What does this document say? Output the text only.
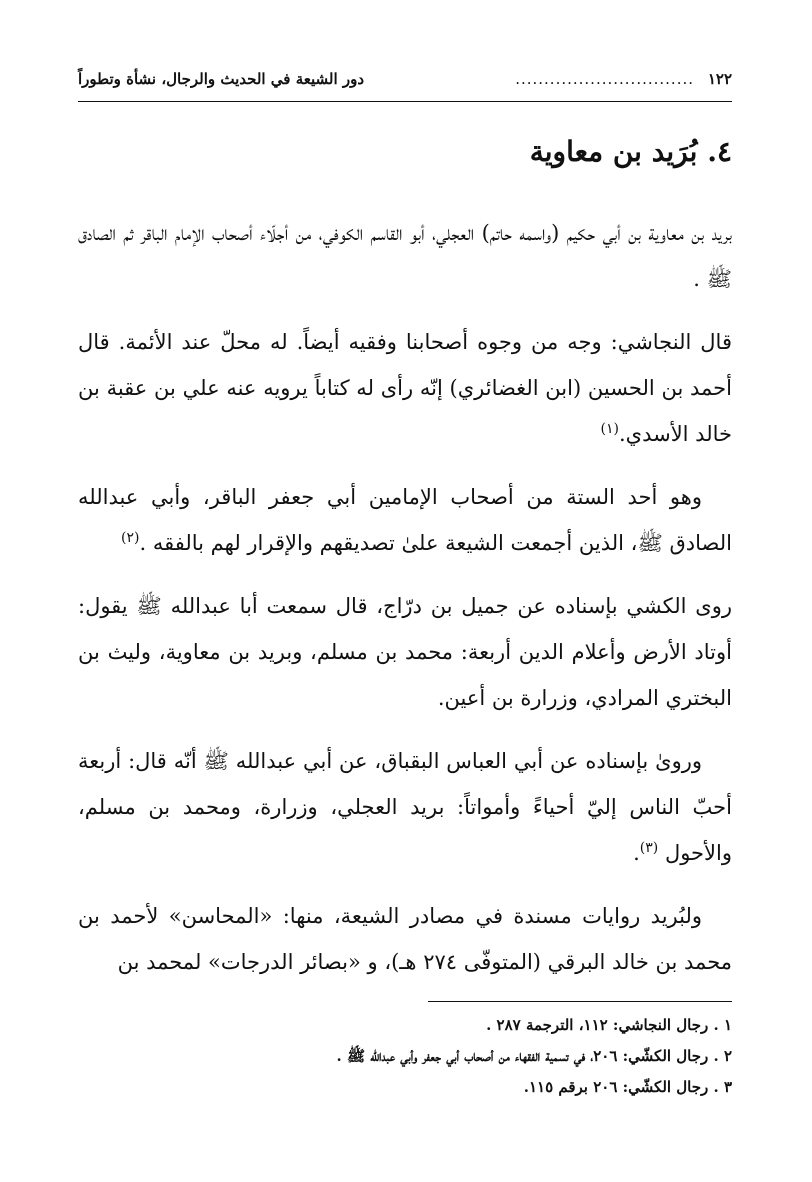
١٢٢
...............................
دور الشيعة في الحديث والرجال، نشأة وتطوراً
٤. بُرَيد بن معاوية

بريد بن معاوية بن أبي حكيم (واسمه حاتم) العجلي، أبو القاسم الكوفي، من أجلّاء أصحاب الإمام الباقر ثم الصادق ﷺ .

قال النجاشي: وجه من وجوه أصحابنا وفقيه أيضاً. له محلّ عند الأئمة. قال أحمد بن الحسين (ابن الغضائري) إنّه رأى له كتاباً يرويه عنه علي بن عقبة بن خالد الأسدي.$^{(١)}$

وهو أحد الستة من أصحاب الإمامين أبي جعفر الباقر، وأبي عبدالله الصادق ﷺ، الذين أجمعت الشيعة علىٰ تصديقهم والإقرار لهم بالفقه .$^{(٢)}$

روى الكشي بإسناده عن جميل بن درّاج، قال سمعت أبا عبدالله ﷺ يقول: أوتاد الأرض وأعلام الدين أربعة: محمد بن مسلم، وبريد بن معاوية، وليث بن البختري المرادي، وزرارة بن أعين.

ورویٰ بإسناده عن أبي العباس البقباق، عن أبي عبدالله ﷺ أنّه قال: أربعة أحبّ الناس إليّ أحياءً وأمواتاً: بريد العجلي، وزرارة، ومحمد بن مسلم، والأحول $^{(٣)}$.

ولبُريد روايات مسندة في مصادر الشيعة، منها: «المحاسن» لأحمد بن محمد بن خالد البرقي (المتوفّى ٢٧٤ هـ)، و «بصائر الدرجات» لمحمد بن

١ . رجال النجاشي: ١١٢، الترجمة ٢٨٧ .
٢ . رجال الكشّي: ٢٠٦، في تسمية الفقهاء من أصحاب أبي جعفر وأبي عبدالله ﷺ .
٣ . رجال الكشّي: ٢٠٦ برقم ١١٥.
